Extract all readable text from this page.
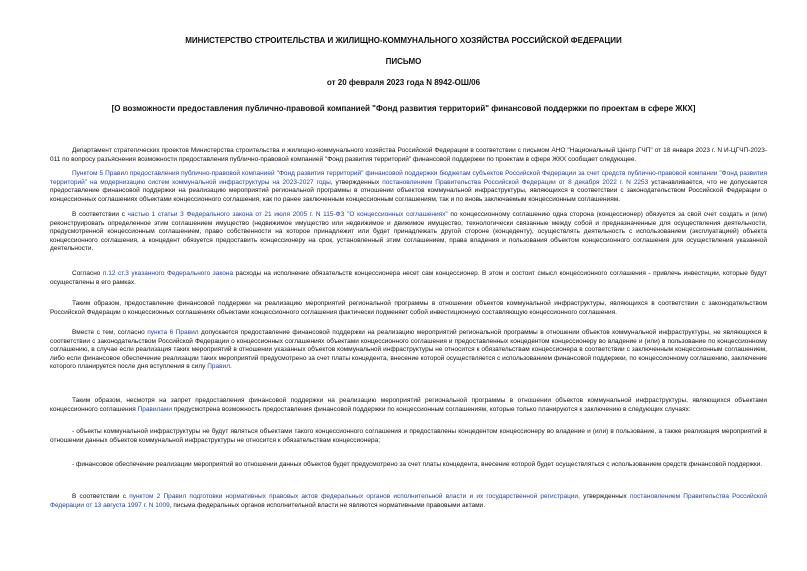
МИНИСТЕРСТВО СТРОИТЕЛЬСТВА И ЖИЛИЩНО-КОММУНАЛЬНОГО ХОЗЯЙСТВА РОССИЙСКОЙ ФЕДЕРАЦИИ
ПИСЬМО
от 20 февраля 2023 года N 8942-ОШ/06
[О возможности предоставления публично-правовой компанией "Фонд развития территорий" финансовой поддержки по проектам в сфере ЖКХ]

Департамент стратегических проектов Министерства строительства и жилищно-коммунального хозяйства Российской Федерации в соответствии с письмом АНО "Национальный Центр ГЧП" от 18 января 2023 г. N И-ЦГЧП-2023-011 по вопросу разъяснения возможности предоставления публично-правовой компанией "Фонд развития территорий" финансовой поддержки по проектам в сфере ЖКХ сообщает следующее.

Пунктом 5 Правил предоставления публично-правовой компанией "Фонд развития территорий" финансовой поддержки бюджетам субъектов Российской Федерации за счет средств публично-правовой компании "Фонд развития территорий" на модернизацию систем коммунальной инфраструктуры на 2023-2027 годы, утвержденных постановлением Правительства Российской Федерации от 8 декабря 2022 г. N 2253 устанавливается, что не допускается предоставление финансовой поддержки на реализацию мероприятий региональной программы в отношении объектов коммунальной инфраструктуры, являющихся в соответствии с законодательством Российской Федерации о концессионных соглашениях объектами концессионного соглашения, как по ранее заключенным концессионным соглашениям, так и по вновь заключаемым концессионным соглашениям.

В соответствии с частью 1 статьи 3 Федерального закона от 21 июля 2005 г. N 115-ФЗ "О концессионных соглашениях" по концессионному соглашению одна сторона (концессионер) обязуется за свой счет создать и (или) реконструировать определенное этим соглашением имущество (недвижимое имущество или недвижимое и движимое имущество, технологически связанные между собой и предназначенные для осуществления деятельности, предусмотренной концессионным соглашением, право собственности на которое принадлежит или будет принадлежать другой стороне (концеденту), осуществлять деятельность с использованием (эксплуатацией) объекта концессионного соглашения, а концедент обязуется предоставить концессионеру на срок, установленный этим соглашением, права владения и пользования объектом концессионного соглашения для осуществления указанной деятельности.

Согласно п.12 ст.3 указанного Федерального закона расходы на исполнение обязательств концессионера несет сам концессионер. В этом и состоит смысл концессионного соглашения - привлечь инвестиции, которые будут осуществлены в его рамках.

Таким образом, предоставление финансовой поддержки на реализацию мероприятий региональной программы в отношении объектов коммунальной инфраструктуры, являющихся в соответствии с законодательством Российской Федерации о концессионных соглашениях объектами концессионного соглашения фактически подменяет собой инвестиционную составляющую концессионного соглашения.

Вместе с тем, согласно пункта 6 Правил допускается предоставление финансовой поддержки на реализацию мероприятий региональной программы в отношении объектов коммунальной инфраструктуры, не являющихся в соответствии с законодательством Российской Федерации о концессионных соглашениях объектами концессионного соглашения и предоставленных концедентом концессионеру во владение и (или) в пользование по концессионному соглашению, в случае если реализация таких мероприятий в отношении указанных объектов коммунальной инфраструктуры не относится к обязательствам концессионера в соответствии с заключенным концессионным соглашением, либо если финансовое обеспечение реализации таких мероприятий предусмотрено за счет платы концедента, внесение которой осуществляется с использованием финансовой поддержки, по концессионному соглашению, заключение которого планируется после дня вступления в силу Правил.

Таким образом, несмотря на запрет предоставления финансовой поддержки на реализацию мероприятий региональной программы в отношении объектов коммунальной инфраструктуры, являющихся объектами концессионного соглашения Правилами предусмотрена возможность предоставления финансовой поддержки по концессионным соглашениям, которые только планируются к заключению в следующих случаях:

- объекты коммунальной инфраструктуры не будут являться объектами такого концессионного соглашения и предоставлены концедентом концессионеру во владение и (или) в пользование, а также реализация мероприятий в отношении данных объектов коммунальной инфраструктуры не относится к обязательствам концессионера;

- финансовое обеспечение реализации мероприятий во отношении данных объектов будет предусмотрено за счет платы концедента, внесение которой будет осуществляться с использованием средств финансовой поддержки.

В соответствии с пунктом 2 Правил подготовки нормативных правовых актов федеральных органов исполнительной власти и их государственной регистрации, утвержденных постановлением Правительства Российской Федерации от 13 августа 1997 г. N 1009, письма федеральных органов исполнительной власти не являются нормативными правовыми актами.
